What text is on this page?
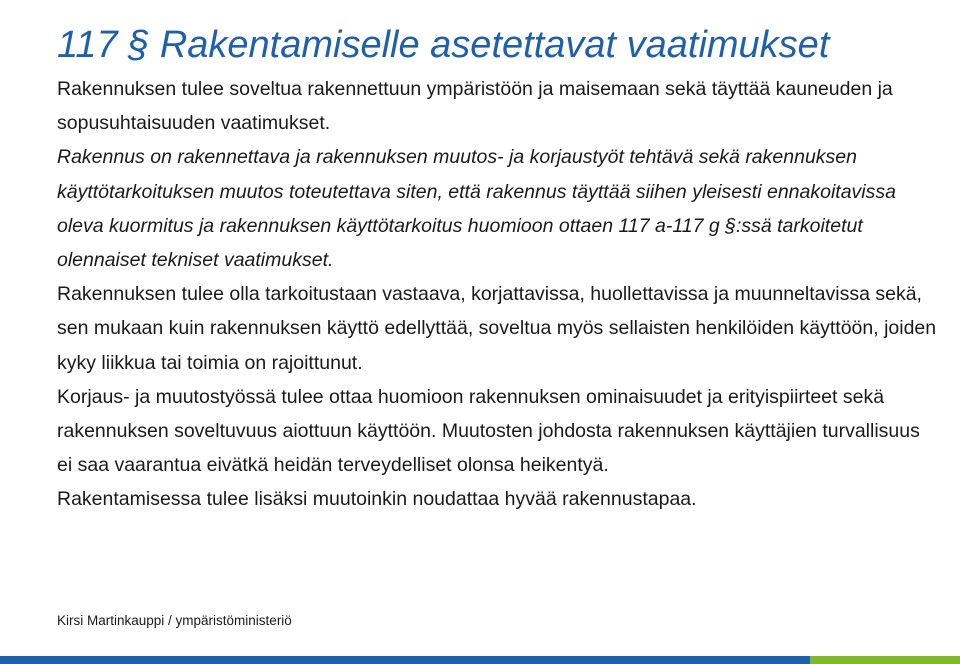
117 § Rakentamiselle asetettavat vaatimukset

Rakennuksen tulee soveltua rakennettuun ympäristöön ja maisemaan sekä täyttää kauneuden ja sopusuhtaisuuden vaatimukset.

Rakennus on rakennettava ja rakennuksen muutos- ja korjaustyöt tehtävä sekä rakennuksen käyttötarkoituksen muutos toteutettava siten, että rakennus täyttää siihen yleisesti ennakoitavissa oleva kuormitus ja rakennuksen käyttötarkoitus huomioon ottaen 117 a-117 g §:ssä tarkoitetut olennaiset tekniset vaatimukset.

Rakennuksen tulee olla tarkoitustaan vastaava, korjattavissa, huollettavissa ja muunneltavissa sekä, sen mukaan kuin rakennuksen käyttö edellyttää, soveltua myös sellaisten henkilöiden käyttöön, joiden kyky liikkua tai toimia on rajoittunut.

Korjaus- ja muutostyössä tulee ottaa huomioon rakennuksen ominaisuudet ja erityispiirteet sekä rakennuksen soveltuvuus aiottuun käyttöön. Muutosten johdosta rakennuksen käyttäjien turvallisuus ei saa vaarantua eivätkä heidän terveydelliset olonsa heikentyä.

Rakentamisessa tulee lisäksi muutoinkin noudattaa hyvää rakennustapaa.

Kirsi Martinkauppi / ympäristöministeriö
